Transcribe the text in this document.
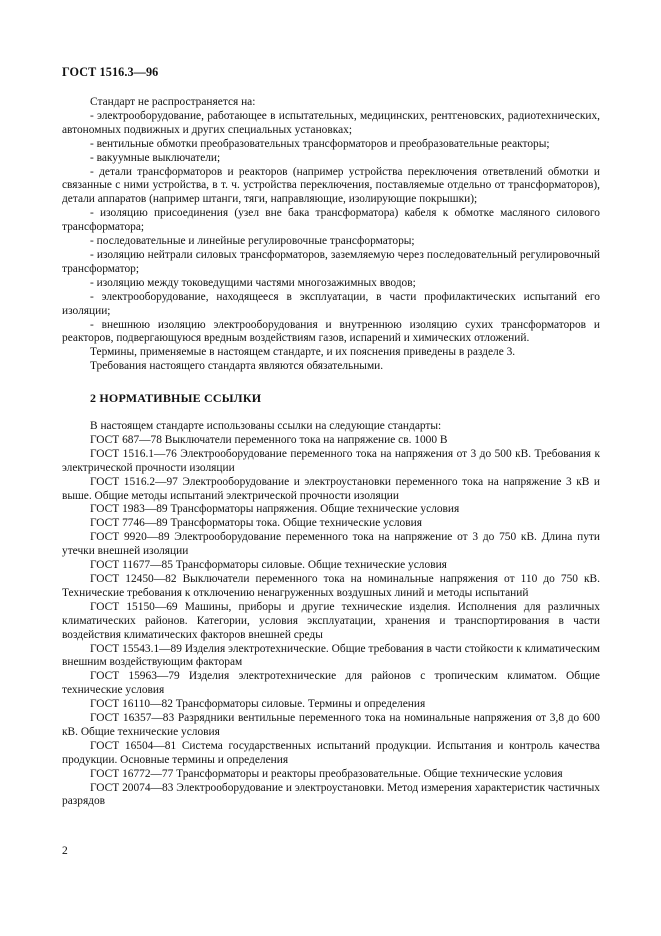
ГОСТ 1516.3—96

Стандарт не распространяется на:

- электрооборудование, работающее в испытательных, медицинских, рентгеновских, радиотехнических, автономных подвижных и других специальных установках;

- вентильные обмотки преобразовательных трансформаторов и преобразовательные реакторы;

- вакуумные выключатели;

- детали трансформаторов и реакторов (например устройства переключения ответвлений обмотки и связанные с ними устройства, в т. ч. устройства переключения, поставляемые отдельно от трансформаторов), детали аппаратов (например штанги, тяги, направляющие, изолирующие покрышки);

- изоляцию присоединения (узел вне бака трансформатора) кабеля к обмотке масляного силового трансформатора;

- последовательные и линейные регулировочные трансформаторы;

- изоляцию нейтрали силовых трансформаторов, заземляемую через последовательный регулировочный трансформатор;

- изоляцию между токоведущими частями многозажимных вводов;

- электрооборудование, находящееся в эксплуатации, в части профилактических испытаний его изоляции;

- внешнюю изоляцию электрооборудования и внутреннюю изоляцию сухих трансформаторов и реакторов, подвергающуюся вредным воздействиям газов, испарений и химических отложений.

Термины, применяемые в настоящем стандарте, и их пояснения приведены в разделе 3.

Требования настоящего стандарта являются обязательными.

2 НОРМАТИВНЫЕ ССЫЛКИ

В настоящем стандарте использованы ссылки на следующие стандарты:

ГОСТ 687—78 Выключатели переменного тока на напряжение св. 1000 В

ГОСТ 1516.1—76 Электрооборудование переменного тока на напряжения от 3 до 500 кВ. Требования к электрической прочности изоляции

ГОСТ 1516.2—97 Электрооборудование и электроустановки переменного тока на напряжение 3 кВ и выше. Общие методы испытаний электрической прочности изоляции

ГОСТ 1983—89 Трансформаторы напряжения. Общие технические условия

ГОСТ 7746—89 Трансформаторы тока. Общие технические условия

ГОСТ 9920—89 Электрооборудование переменного тока на напряжение от 3 до 750 кВ. Длина пути утечки внешней изоляции

ГОСТ 11677—85 Трансформаторы силовые. Общие технические условия

ГОСТ 12450—82 Выключатели переменного тока на номинальные напряжения от 110 до 750 кВ. Технические требования к отключению ненагруженных воздушных линий и методы испытаний

ГОСТ 15150—69 Машины, приборы и другие технические изделия. Исполнения для различных климатических районов. Категории, условия эксплуатации, хранения и транспортирования в части воздействия климатических факторов внешней среды

ГОСТ 15543.1—89 Изделия электротехнические. Общие требования в части стойкости к климатическим внешним воздействующим факторам

ГОСТ 15963—79 Изделия электротехнические для районов с тропическим климатом. Общие технические условия

ГОСТ 16110—82 Трансформаторы силовые. Термины и определения

ГОСТ 16357—83 Разрядники вентильные переменного тока на номинальные напряжения от 3,8 до 600 кВ. Общие технические условия

ГОСТ 16504—81 Система государственных испытаний продукции. Испытания и контроль качества продукции. Основные термины и определения

ГОСТ 16772—77 Трансформаторы и реакторы преобразовательные. Общие технические условия

ГОСТ 20074—83 Электрооборудование и электроустановки. Метод измерения характеристик частичных разрядов

2
